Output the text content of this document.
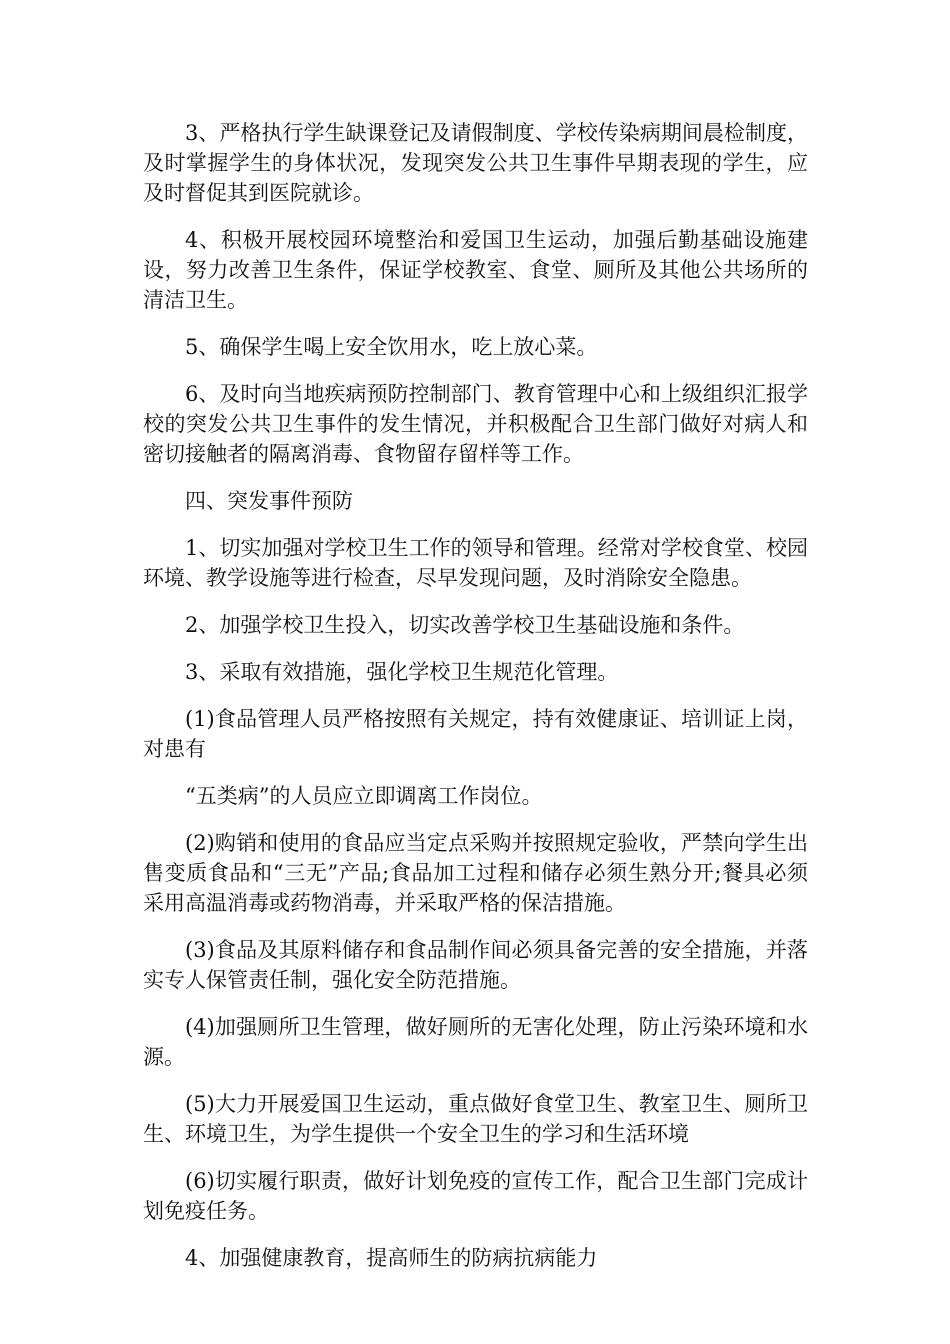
3、严格执行学生缺课登记及请假制度、学校传染病期间晨检制度，及时掌握学生的身体状况，发现突发公共卫生事件早期表现的学生，应及时督促其到医院就诊。

4、积极开展校园环境整治和爱国卫生运动，加强后勤基础设施建设，努力改善卫生条件，保证学校教室、食堂、厕所及其他公共场所的清洁卫生。

5、确保学生喝上安全饮用水，吃上放心菜。

6、及时向当地疾病预防控制部门、教育管理中心和上级组织汇报学校的突发公共卫生事件的发生情况，并积极配合卫生部门做好对病人和密切接触者的隔离消毒、食物留存留样等工作。

四、突发事件预防

1、切实加强对学校卫生工作的领导和管理。经常对学校食堂、校园环境、教学设施等进行检查，尽早发现问题，及时消除安全隐患。

2、加强学校卫生投入，切实改善学校卫生基础设施和条件。

3、采取有效措施，强化学校卫生规范化管理。

(1)食品管理人员严格按照有关规定，持有效健康证、培训证上岗，对患有

“五类病”的人员应立即调离工作岗位。

(2)购销和使用的食品应当定点采购并按照规定验收，严禁向学生出售变质食品和“三无”产品;食品加工过程和储存必须生熟分开;餐具必须采用高温消毒或药物消毒，并采取严格的保洁措施。

(3)食品及其原料储存和食品制作间必须具备完善的安全措施，并落实专人保管责任制，强化安全防范措施。

(4)加强厕所卫生管理，做好厕所的无害化处理，防止污染环境和水源。

(5)大力开展爱国卫生运动，重点做好食堂卫生、教室卫生、厕所卫生、环境卫生，为学生提供一个安全卫生的学习和生活环境

(6)切实履行职责，做好计划免疫的宣传工作，配合卫生部门完成计划免疫任务。

4、加强健康教育，提高师生的防病抗病能力
